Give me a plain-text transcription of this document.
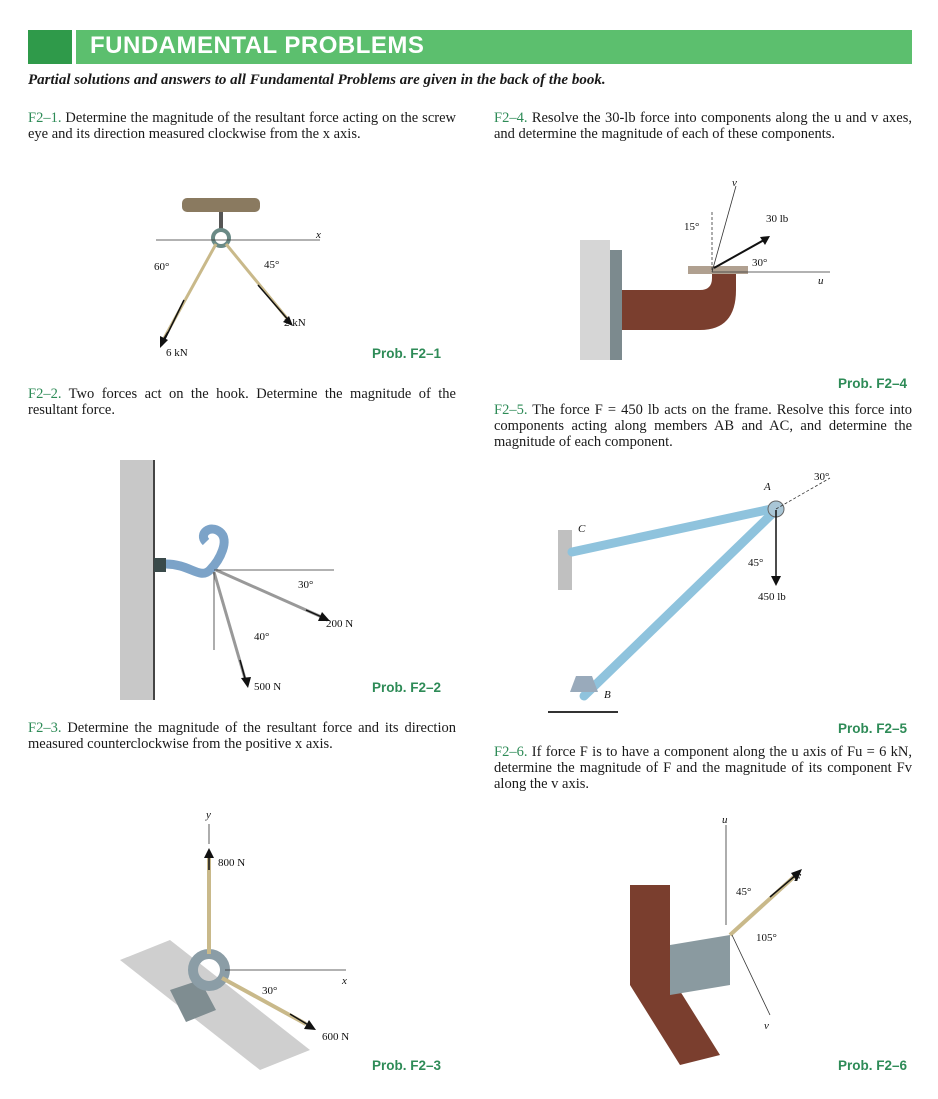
FUNDAMENTAL PROBLEMS
Partial solutions and answers to all Fundamental Problems are given in the back of the book.
F2–1. Determine the magnitude of the resultant force acting on the screw eye and its direction measured clockwise from the x axis.
60°	45°
x
6 kN
2 kN
Prob. F2–1
F2–2. Two forces act on the hook. Determine the magnitude of the resultant force.
30°
40°
200 N
500 N	Prob. F2–2
F2–3. Determine the magnitude of the resultant force and its direction measured counterclockwise from the positive x axis.
y
x
800 N
30°
600 N
Prob. F2–3
F2–4. Resolve the 30-lb force into components along the u and v axes, and determine the magnitude of each of these components.
v
15°
30 lb
30°
u
Prob. F2–4
F2–5. The force F = 450 lb acts on the frame. Resolve this force into components acting along members AB and AC, and determine the magnitude of each component.
A
B
C
30°
45°
450 lb
Prob. F2–5
F2–6. If force F is to have a component along the u axis of Fu = 6 kN, determine the magnitude of F and the magnitude of its component Fv along the v axis.
u
v
F
45°
105°
Prob. F2–6
